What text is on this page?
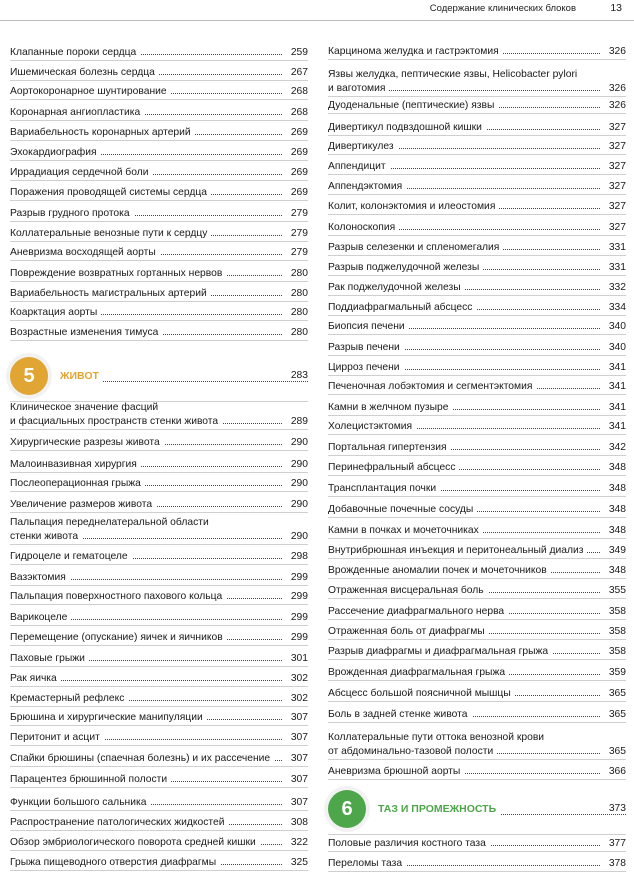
Содержание клинических блоков	13
Клапанные пороки сердца	259
Ишемическая болезнь сердца	267
Аортокоронарное шунтирование	268
Коронарная ангиопластика	268
Вариабельность коронарных артерий	269
Эхокардиография	269
Иррадиация сердечной боли	269
Поражения проводящей системы сердца	269
Разрыв грудного протока	279
Коллатеральные венозные пути к сердцу	279
Аневризма восходящей аорты	279
Повреждение возвратных гортанных нервов	280
Вариабельность магистральных артерий	280
Коарктация аорты	280
Возрастные изменения тимуса	280
5	ЖИВОТ	283
Клиническое значение фасций
и фасциальных пространств стенки живота	289
Хирургические разрезы живота	290
Малоинвазивная хирургия	290
Послеоперационная грыжа	290
Увеличение размеров живота	290
Пальпация переднелатеральной области
стенки живота	290
Гидроцеле и гематоцеле	298
Вазэктомия	299
Пальпация поверхностного пахового кольца	299
Варикоцеле	299
Перемещение (опускание) яичек и яичников	299
Паховые грыжи	301
Рак яичка	302
Кремастерный рефлекс	302
Брюшина и хирургические манипуляции	307
Перитонит и асцит	307
Спайки брюшины (спаечная болезнь) и их рассечение	307
Парацентез брюшинной полости	307
Функции большого сальника	307
Распространение патологических жидкостей	308
Обзор эмбриологического поворота средней кишки	322
Грыжа пищеводного отверстия диафрагмы	325
Карцинома желудка и гастрэктомия	326
Язвы желудка, пептические язвы, Helicobacter pylori
и ваготомия	326
Дуоденальные (пептические) язвы	326
Дивертикул подвздошной кишки	327
Дивертикулез	327
Аппендицит	327
Аппендэктомия	327
Колит, колонэктомия и илеостомия	327
Колоноскопия	327
Разрыв селезенки и спленомегалия	331
Разрыв поджелудочной железы	331
Рак поджелудочной железы	332
Поддиафрагмальный абсцесс	334
Биопсия печени	340
Разрыв печени	340
Цирроз печени	341
Печеночная лобэктомия и сегментэктомия	341
Камни в желчном пузыре	341
Холецистэктомия	341
Портальная гипертензия	342
Перинефральный абсцесс	348
Трансплантация почки	348
Добавочные почечные сосуды	348
Камни в почках и мочеточниках	348
Внутрибрюшная инъекция и перитонеальный диализ	349
Врожденные аномалии почек и мочеточников	348
Отраженная висцеральная боль	355
Рассечение диафрагмального нерва	358
Отраженная боль от диафрагмы	358
Разрыв диафрагмы и диафрагмальная грыжа	358
Врожденная диафрагмальная грыжа	359
Абсцесс большой поясничной мышцы	365
Боль в задней стенке живота	365
Коллатеральные пути оттока венозной крови
от абдоминально-тазовой полости	365
Аневризма брюшной аорты	366
6	ТАЗ И ПРОМЕЖНОСТЬ	373
Половые различия костного таза	377
Переломы таза	378
